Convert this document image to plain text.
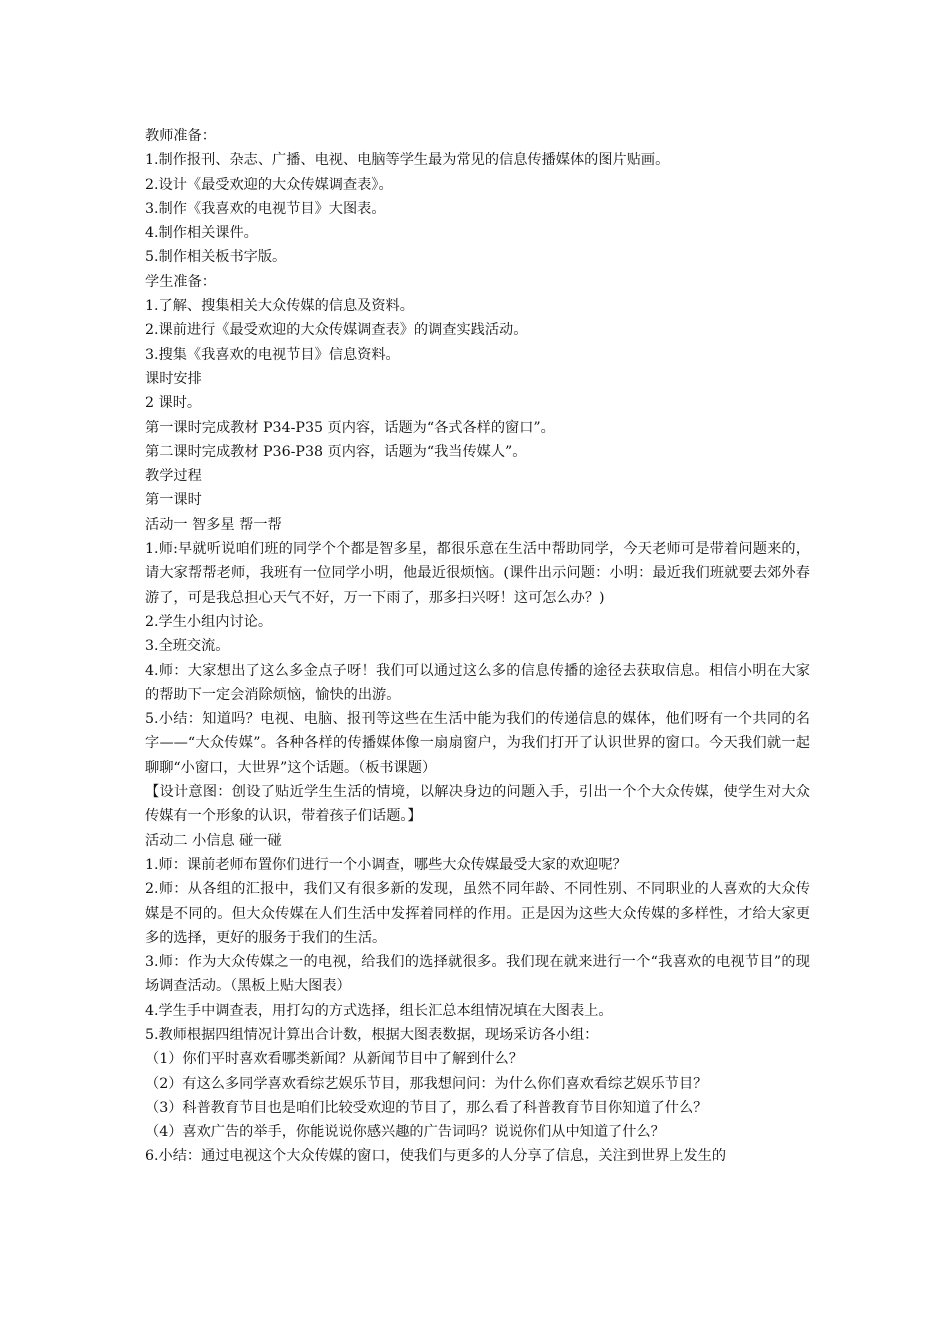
教师准备：

1.制作报刊、杂志、广播、电视、电脑等学生最为常见的信息传播媒体的图片贴画。

2.设计《最受欢迎的大众传媒调查表》。

3.制作《我喜欢的电视节目》大图表。

4.制作相关课件。

5.制作相关板书字版。

学生准备：

1.了解、搜集相关大众传媒的信息及资料。

2.课前进行《最受欢迎的大众传媒调查表》的调查实践活动。

3.搜集《我喜欢的电视节目》信息资料。

课时安排

2 课时。

第一课时完成教材 P34-P35 页内容，话题为“各式各样的窗口”。

第二课时完成教材 P36-P38 页内容，话题为“我当传媒人”。

教学过程

第一课时

活动一 智多星 帮一帮

1.师:早就听说咱们班的同学个个都是智多星，都很乐意在生活中帮助同学，今天老师可是带着问题来的，请大家帮帮老师，我班有一位同学小明，他最近很烦恼。(课件出示问题：小明：最近我们班就要去郊外春游了，可是我总担心天气不好，万一下雨了，那多扫兴呀！这可怎么办？)

2.学生小组内讨论。

3.全班交流。

4.师：大家想出了这么多金点子呀！我们可以通过这么多的信息传播的途径去获取信息。相信小明在大家的帮助下一定会消除烦恼，愉快的出游。

5.小结：知道吗？电视、电脑、报刊等这些在生活中能为我们的传递信息的媒体，他们呀有一个共同的名字——“大众传媒”。各种各样的传播媒体像一扇扇窗户，为我们打开了认识世界的窗口。今天我们就一起聊聊“小窗口，大世界”这个话题。（板书课题）

【设计意图：创设了贴近学生生活的情境，以解决身边的问题入手，引出一个个大众传媒，使学生对大众传媒有一个形象的认识，带着孩子们话题。】

活动二 小信息 碰一碰

1.师：课前老师布置你们进行一个小调查，哪些大众传媒最受大家的欢迎呢？

2.师：从各组的汇报中，我们又有很多新的发现，虽然不同年龄、不同性别、不同职业的人喜欢的大众传媒是不同的。但大众传媒在人们生活中发挥着同样的作用。正是因为这些大众传媒的多样性，才给大家更多的选择，更好的服务于我们的生活。

3.师：作为大众传媒之一的电视，给我们的选择就很多。我们现在就来进行一个“我喜欢的电视节目”的现场调查活动。（黑板上贴大图表）

4.学生手中调查表，用打勾的方式选择，组长汇总本组情况填在大图表上。

5.教师根据四组情况计算出合计数，根据大图表数据，现场采访各小组：

（1）你们平时喜欢看哪类新闻？从新闻节目中了解到什么？

（2）有这么多同学喜欢看综艺娱乐节目，那我想问问：为什么你们喜欢看综艺娱乐节目？

（3）科普教育节目也是咱们比较受欢迎的节目了，那么看了科普教育节目你知道了什么？

（4）喜欢广告的举手，你能说说你感兴趣的广告词吗？说说你们从中知道了什么？

6.小结：通过电视这个大众传媒的窗口，使我们与更多的人分享了信息，关注到世界上发生的
